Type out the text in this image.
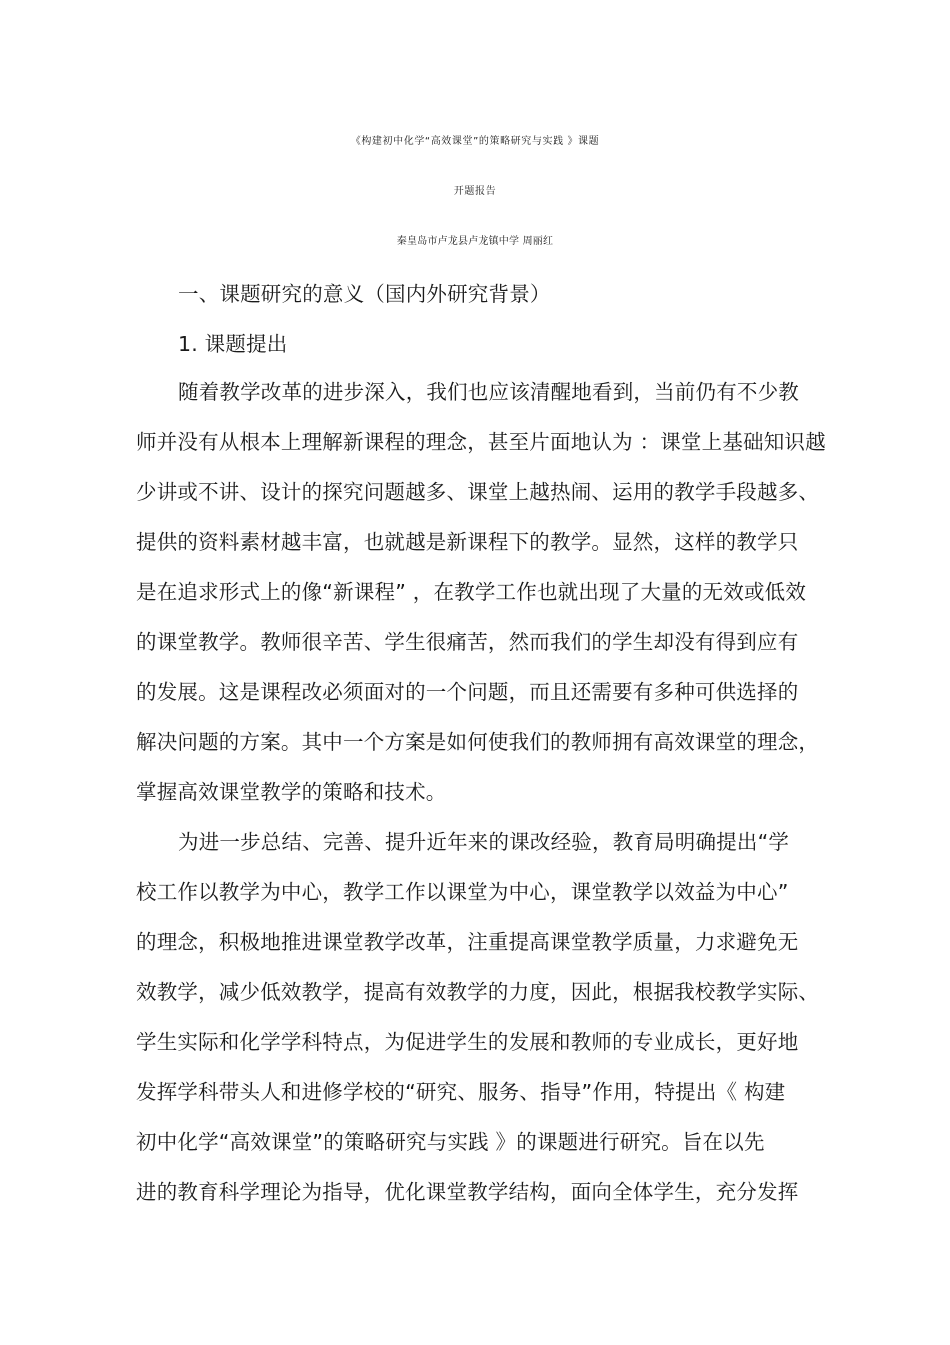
《构建初中化学“高效课堂”的策略研究与实践 》课题
开题报告
秦皇岛市卢龙县卢龙镇中学 周丽红
一、课题研究的意义（国内外研究背景）
1. 课题提出
随着教学改革的进步深入，我们也应该清醒地看到，当前仍有不少教
师并没有从根本上理解新课程的理念，甚至片面地认为 ：课堂上基础知识越
少讲或不讲、设计的探究问题越多、课堂上越热闹、运用的教学手段越多、
提供的资料素材越丰富，也就越是新课程下的教学。显然，这样的教学只
是在追求形式上的像“新课程” ，在教学工作也就出现了大量的无效或低效
的课堂教学。教师很辛苦、学生很痛苦，然而我们的学生却没有得到应有
的发展。这是课程改必须面对的一个问题，而且还需要有多种可供选择的
解决问题的方案。其中一个方案是如何使我们的教师拥有高效课堂的理念，
掌握高效课堂教学的策略和技术。
为进一步总结、完善、提升近年来的课改经验，教育局明确提出“学
校工作以教学为中心，教学工作以课堂为中心，课堂教学以效益为中心”
的理念，积极地推进课堂教学改革，注重提高课堂教学质量，力求避免无
效教学，减少低效教学，提高有效教学的力度，因此，根据我校教学实际、
学生实际和化学学科特点，为促进学生的发展和教师的专业成长，更好地
发挥学科带头人和进修学校的“研究、服务、指导”作用，特提出《 构建
初中化学“高效课堂”的策略研究与实践 》的课题进行研究。旨在以先
进的教育科学理论为指导，优化课堂教学结构，面向全体学生，充分发挥
